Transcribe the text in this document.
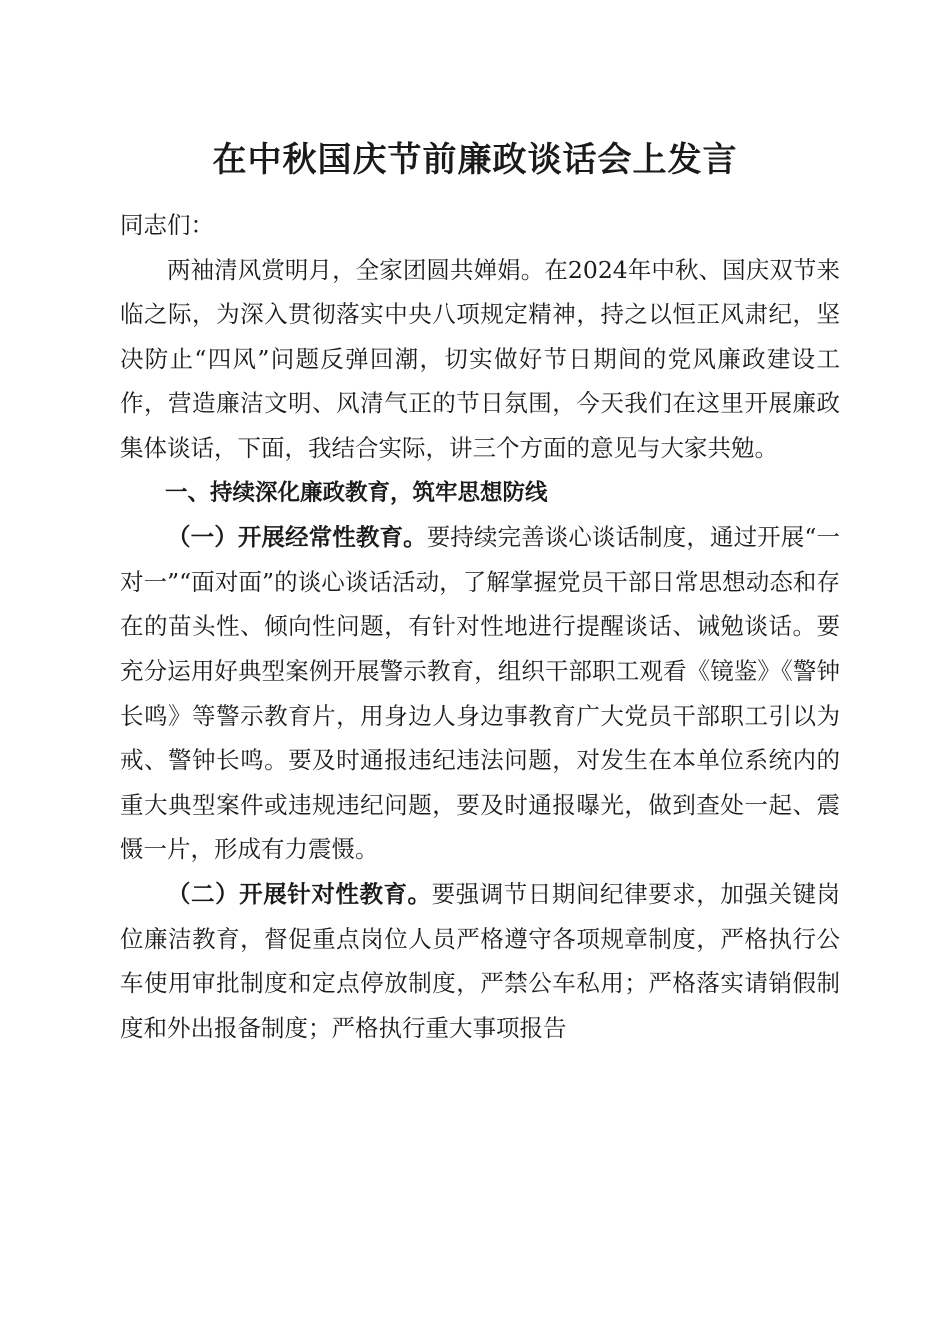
在中秋国庆节前廉政谈话会上发言

同志们：

两袖清风赏明月，全家团圆共婵娟。在2024年中秋、国庆双节来临之际，为深入贯彻落实中央八项规定精神，持之以恒正风肃纪，坚决防止“四风”问题反弹回潮，切实做好节日期间的党风廉政建设工作，营造廉洁文明、风清气正的节日氛围，今天我们在这里开展廉政集体谈话，下面，我结合实际，讲三个方面的意见与大家共勉。

一、持续深化廉政教育，筑牢思想防线

（一）开展经常性教育。要持续完善谈心谈话制度，通过开展“一对一”“面对面”的谈心谈话活动，了解掌握党员干部日常思想动态和存在的苗头性、倾向性问题，有针对性地进行提醒谈话、诫勉谈话。要充分运用好典型案例开展警示教育，组织干部职工观看《镜鉴》《警钟长鸣》等警示教育片，用身边人身边事教育广大党员干部职工引以为戒、警钟长鸣。要及时通报违纪违法问题，对发生在本单位系统内的重大典型案件或违规违纪问题，要及时通报曝光，做到查处一起、震慑一片，形成有力震慑。

（二）开展针对性教育。要强调节日期间纪律要求，加强关键岗位廉洁教育，督促重点岗位人员严格遵守各项规章制度，严格执行公车使用审批制度和定点停放制度，严禁公车私用；严格落实请销假制度和外出报备制度；严格执行重大事项报告
